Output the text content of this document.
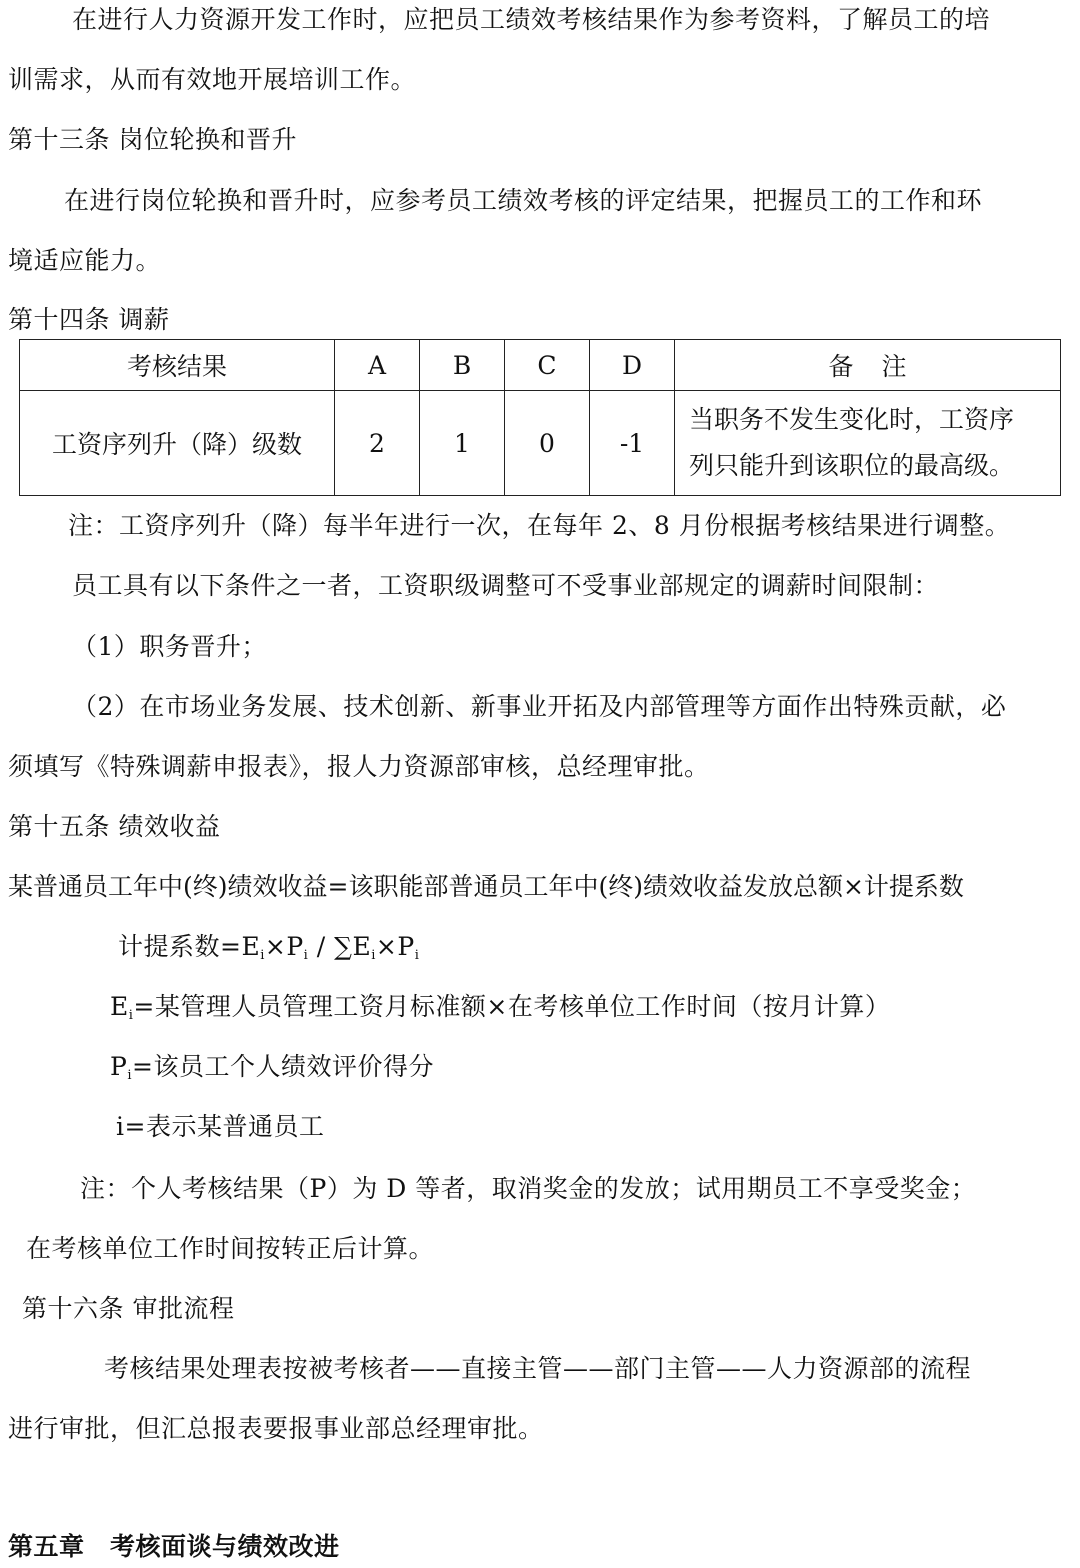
在进行人力资源开发工作时，应把员工绩效考核结果作为参考资料，了解员工的培
训需求，从而有效地开展培训工作。
第十三条 岗位轮换和晋升
在进行岗位轮换和晋升时，应参考员工绩效考核的评定结果，把握员工的工作和环
境适应能力。
第十四条 调薪
考核结果	A	B	C	D	备注
工资序列升（降）级数	2	1	0	-1	当职务不发生变化时，工资序
列只能升到该职位的最高级。
注：工资序列升（降）每半年进行一次，在每年 2、8 月份根据考核结果进行调整。
员工具有以下条件之一者，工资职级调整可不受事业部规定的调薪时间限制：
（1）职务晋升；
（2）在市场业务发展、技术创新、新事业开拓及内部管理等方面作出特殊贡献，必
须填写《特殊调薪申报表》，报人力资源部审核，总经理审批。
第十五条 绩效收益
某普通员工年中(终)绩效收益=该职能部普通员工年中(终)绩效收益发放总额×计提系数
计提系数$=E_i\times P_i / \sum E_i\times P_i$
$E_i=$某管理人员管理工资月标准额×在考核单位工作时间（按月计算）
$P_i=$该员工个人绩效评价得分
i=表示某普通员工
注：个人考核结果（P）为 D 等者，取消奖金的发放；试用期员工不享受奖金；
在考核单位工作时间按转正后计算。
第十六条 审批流程
考核结果处理表按被考核者——直接主管——部门主管——人力资源部的流程
进行审批，但汇总报表要报事业部总经理审批。
第五章　考核面谈与绩效改进
